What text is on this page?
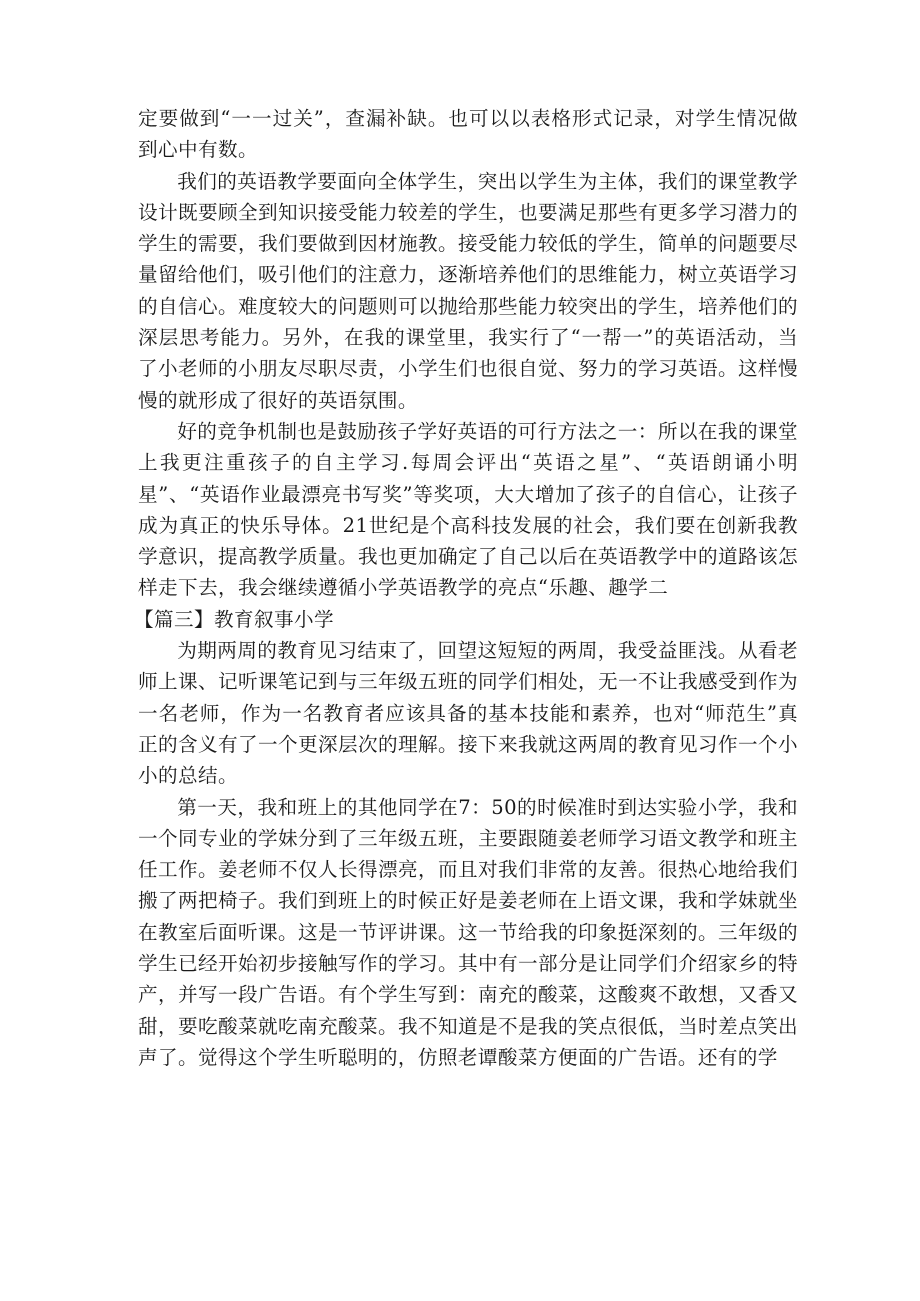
定要做到“一一过关”，查漏补缺。也可以以表格形式记录，对学生情况做到心中有数。

我们的英语教学要面向全体学生，突出以学生为主体，我们的课堂教学设计既要顾全到知识接受能力较差的学生，也要满足那些有更多学习潜力的学生的需要，我们要做到因材施教。接受能力较低的学生，简单的问题要尽量留给他们，吸引他们的注意力，逐渐培养他们的思维能力，树立英语学习的自信心。难度较大的问题则可以抛给那些能力较突出的学生，培养他们的深层思考能力。另外，在我的课堂里，我实行了“一帮一”的英语活动，当了小老师的小朋友尽职尽责，小学生们也很自觉、努力的学习英语。这样慢慢的就形成了很好的英语氛围。

好的竞争机制也是鼓励孩子学好英语的可行方法之一：所以在我的课堂上我更注重孩子的自主学习.每周会评出“英语之星”、“英语朗诵小明星”、“英语作业最漂亮书写奖”等奖项，大大增加了孩子的自信心，让孩子成为真正的快乐导体。21世纪是个高科技发展的社会，我们要在创新我教学意识，提高教学质量。我也更加确定了自己以后在英语教学中的道路该怎样走下去，我会继续遵循小学英语教学的亮点“乐趣、趣学二

【篇三】教育叙事小学

为期两周的教育见习结束了，回望这短短的两周，我受益匪浅。从看老师上课、记听课笔记到与三年级五班的同学们相处，无一不让我感受到作为一名老师，作为一名教育者应该具备的基本技能和素养，也对“师范生”真正的含义有了一个更深层次的理解。接下来我就这两周的教育见习作一个小小的总结。

第一天，我和班上的其他同学在7：50的时候准时到达实验小学，我和一个同专业的学妹分到了三年级五班，主要跟随姜老师学习语文教学和班主任工作。姜老师不仅人长得漂亮，而且对我们非常的友善。很热心地给我们搬了两把椅子。我们到班上的时候正好是姜老师在上语文课，我和学妹就坐在教室后面听课。这是一节评讲课。这一节给我的印象挺深刻的。三年级的学生已经开始初步接触写作的学习。其中有一部分是让同学们介绍家乡的特产，并写一段广告语。有个学生写到：南充的酸菜，这酸爽不敢想，又香又甜，要吃酸菜就吃南充酸菜。我不知道是不是我的笑点很低，当时差点笑出声了。觉得这个学生听聪明的，仿照老谭酸菜方便面的广告语。还有的学
